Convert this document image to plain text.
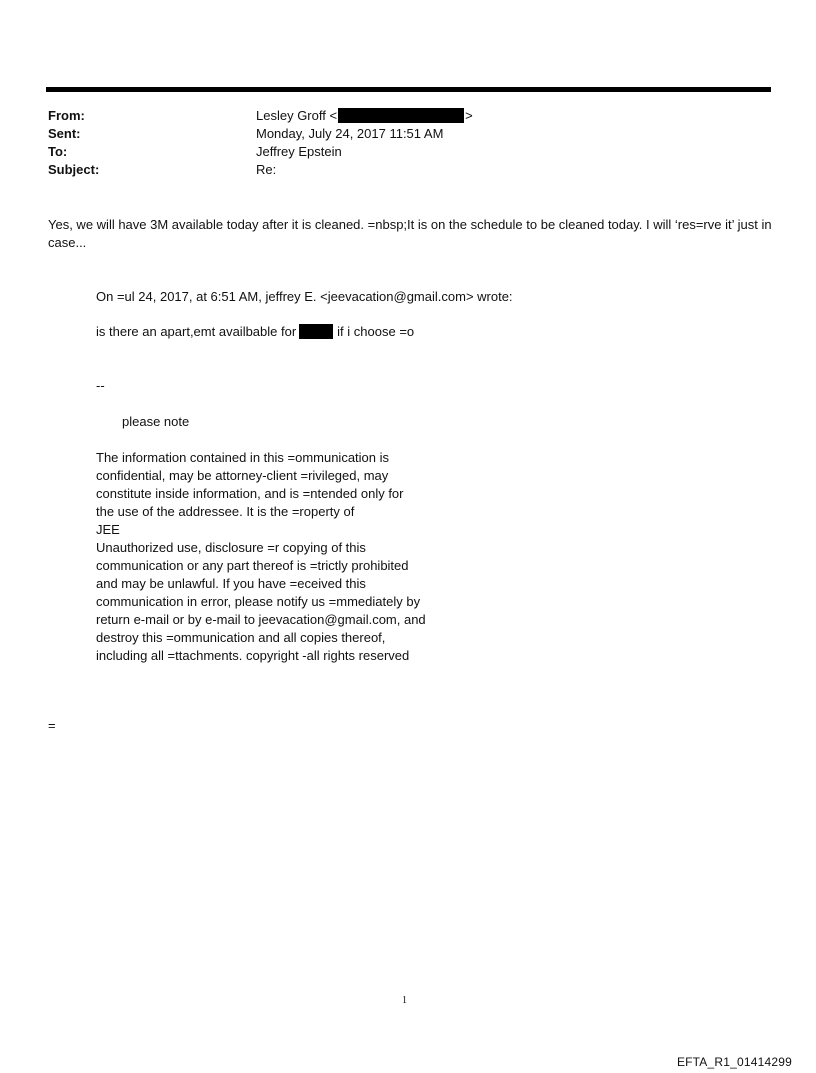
From:	Lesley Groff <	>
Sent:	Monday, July 24, 2017 11:51 AM
To:	Jeffrey Epstein
Subject:	Re:
Yes, we will have 3M available today after it is cleaned. =nbsp;It is on the schedule to be cleaned today. I will ‘res=rve it’ just in case...
On =ul 24, 2017, at 6:51 AM, jeffrey E. <jeevacation@gmail.com> wrote:
is there an apart,emt availbable for	if i choose =o
--
please note
The information contained in this =ommunication is
confidential, may be attorney-client =rivileged, may
constitute inside information, and is =ntended only for
the use of the addressee. It is the =roperty of
JEE
Unauthorized use, disclosure =r copying of this
communication or any part thereof is =trictly prohibited
and may be unlawful. If you have =eceived this
communication in error, please notify us =mmediately by
return e-mail or by e-mail to jeevacation@gmail.com, and
destroy this =ommunication and all copies thereof,
including all =ttachments. copyright -all rights reserved
=
1
EFTA_R1_01414299
